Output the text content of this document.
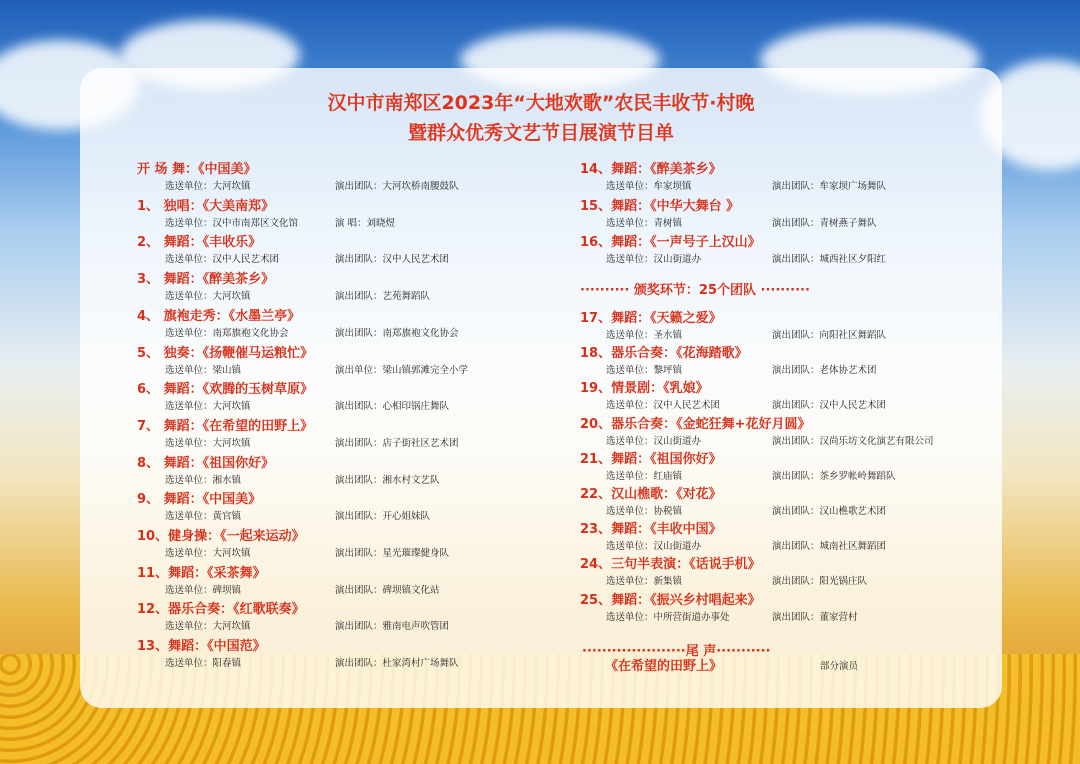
汉中市南郑区2023年“大地欢歌”农民丰收节·村晚
暨群众优秀文艺节目展演节目单
开 场 舞：《中国美》
选送单位：大河坎镇	演出团队：大河坎桥南腰鼓队
1、 独唱：《大美南郑》
选送单位：汉中市南郑区文化馆	演 唱：刘晓煜
2、 舞蹈：《丰收乐》
选送单位：汉中人民艺术团	演出团队：汉中人民艺术团
3、 舞蹈：《醉美茶乡》
选送单位：大河坎镇	演出团队：艺苑舞蹈队
4、 旗袍走秀：《水墨兰亭》
选送单位：南郑旗袍文化协会	演出团队：南郑旗袍文化协会
5、 独奏：《扬鞭催马运粮忙》
选送单位：梁山镇	演出单位：梁山镇郭滩完全小学
6、 舞蹈：《欢腾的玉树草原》
选送单位：大河坎镇	演出团队：心相印锅庄舞队
7、 舞蹈：《在希望的田野上》
选送单位：大河坎镇	演出团队：店子街社区艺术团
8、 舞蹈：《祖国你好》
选送单位：湘水镇	演出团队：湘水村文艺队
9、 舞蹈：《中国美》
选送单位：黄官镇	演出团队：开心姐妹队
10、健身操：《一起来运动》
选送单位：大河坎镇	演出团队：星光璀璨健身队
11、舞蹈：《采茶舞》
选送单位：碑坝镇	演出团队：碑坝镇文化站
12、器乐合奏：《红歌联奏》
选送单位：大河坎镇	演出团队：雅南电声吹管团
13、舞蹈：《中国范》
选送单位：阳春镇	演出团队：杜家湾村广场舞队
14、舞蹈：《醉美茶乡》
选送单位：牟家坝镇	演出团队：牟家坝广场舞队
15、舞蹈：《中华大舞台 》
选送单位：青树镇	演出团队：青树燕子舞队
16、舞蹈：《一声号子上汉山》
选送单位：汉山街道办	演出团队：城西社区夕阳红
17、舞蹈：《天籁之爱》
选送单位：圣水镇	演出团队：向阳社区舞蹈队
18、器乐合奏：《花海踏歌》
选送单位：黎坪镇	演出团队：老体协艺术团
19、情景剧：《乳娘》
选送单位：汉中人民艺术团	演出团队：汉中人民艺术团
20、器乐合奏：《金蛇狂舞+花好月圆》
选送单位：汉山街道办	演出团队：汉尚乐坊文化演艺有限公司
21、舞蹈：《祖国你好》
选送单位：红庙镇	演出团队：茶乡罗帐岭舞蹈队
22、汉山樵歌：《对花》
选送单位：协税镇	演出团队：汉山樵歌艺术团
23、舞蹈：《丰收中国》
选送单位：汉山街道办	演出团队：城南社区舞蹈团
24、三句半表演：《话说手机》
选送单位：新集镇	演出团队：阳光锅庄队
25、舞蹈：《振兴乡村唱起来》
选送单位：中所营街道办事处	演出团队：董家营村
·········· 颁奖环节：25个团队 ··········
·····················尾 声···········
《在希望的田野上》	部分演员
